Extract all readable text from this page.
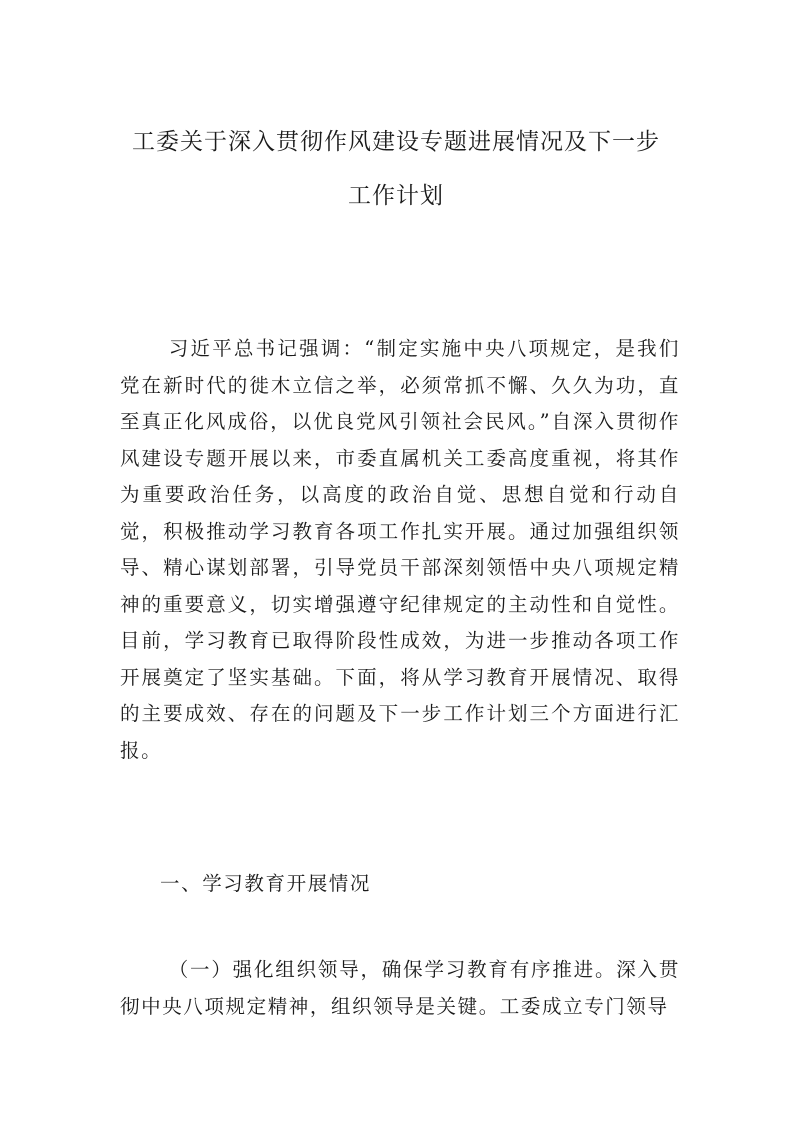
工委关于深入贯彻作风建设专题进展情况及下一步
工作计划
习近平总书记强调：“制定实施中央八项规定，是我们党在新时代的徙木立信之举，必须常抓不懈、久久为功，直至真正化风成俗，以优良党风引领社会民风。”自深入贯彻作风建设专题开展以来，市委直属机关工委高度重视，将其作为重要政治任务，以高度的政治自觉、思想自觉和行动自觉，积极推动学习教育各项工作扎实开展。通过加强组织领导、精心谋划部署，引导党员干部深刻领悟中央八项规定精神的重要意义，切实增强遵守纪律规定的主动性和自觉性。目前，学习教育已取得阶段性成效，为进一步推动各项工作开展奠定了坚实基础。下面，将从学习教育开展情况、取得的主要成效、存在的问题及下一步工作计划三个方面进行汇报。
一、学习教育开展情况
（一）强化组织领导，确保学习教育有序推进。深入贯彻中央八项规定精神，组织领导是关键。工委成立专门领导
